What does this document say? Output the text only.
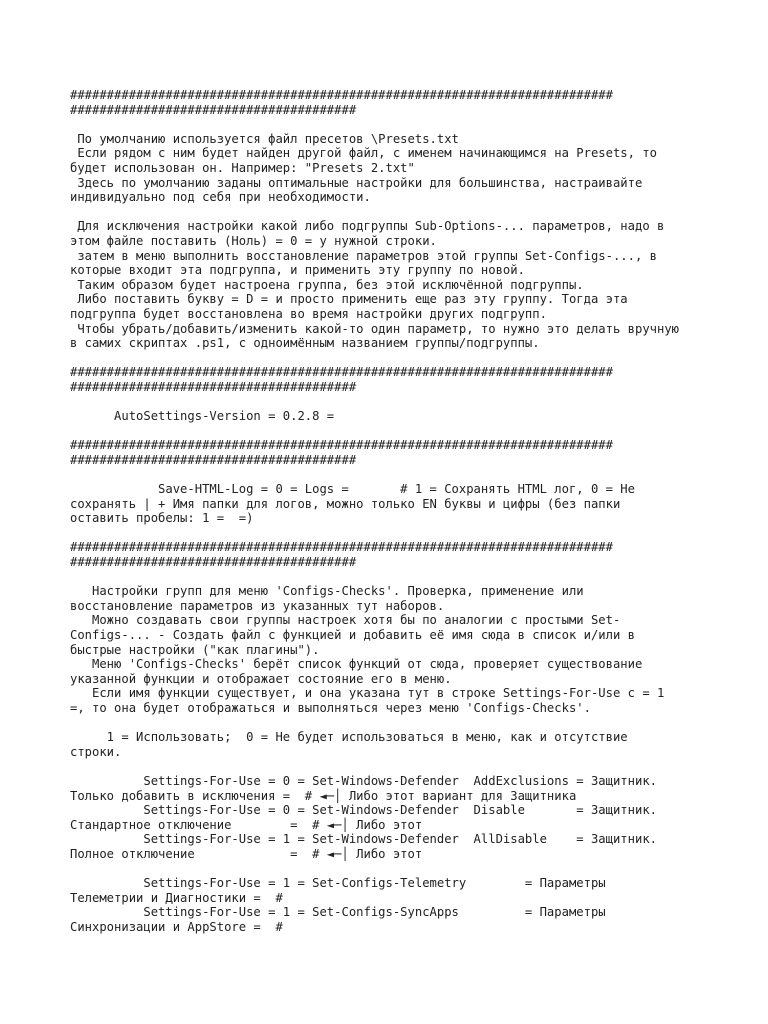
##########################################################################
#######################################
По умолчанию используется файл пресетов \Presets.txt
Если рядом с ним будет найден другой файл, с именем начинающимся на Presets, то
будет использован он. Например: "Presets 2.txt"
Здесь по умолчанию заданы оптимальные настройки для большинства, настраивайте
индивидуально под себя при необходимости.
Для исключения настройки какой либо подгруппы Sub-Options-... параметров, надо в
этом файле поставить (Ноль) = 0 = у нужной строки.
затем в меню выполнить восстановление параметров этой группы Set-Configs-..., в
которые входит эта подгруппа, и применить эту группу по новой.
Таким образом будет настроена группа, без этой исключённой подгруппы.
Либо поставить букву = D = и просто применить еще раз эту группу. Тогда эта
подгруппа будет восстановлена во время настройки других подгрупп.
Чтобы убрать/добавить/изменить какой-то один параметр, то нужно это делать вручную
в самих скриптах .ps1, с одноимённым названием группы/подгруппы.
##########################################################################
#######################################
AutoSettings-Version = 0.2.8 =
##########################################################################
#######################################
Save-HTML-Log = 0 = Logs =       # 1 = Сохранять HTML лог, 0 = Не
сохранять | + Имя папки для логов, можно только EN буквы и цифры (без папки
оставить пробелы: 1 =  =)
##########################################################################
#######################################
Настройки групп для меню 'Configs-Checks'. Проверка, применение или
восстановление параметров из указанных тут наборов.
Можно создавать свои группы настроек хотя бы по аналогии с простыми Set-
Configs-... - Создать файл с функцией и добавить её имя сюда в список и/или в
быстрые настройки ("как плагины").
Меню 'Configs-Checks' берёт список функций от сюда, проверяет существование
указанной функции и отображает состояние его в меню.
Если имя функции существует, и она указана тут в строке Settings-For-Use с = 1
=, то она будет отображаться и выполняться через меню 'Configs-Checks'.
1 = Использовать;  0 = Не будет использоваться в меню, как и отсутствие
строки.
Settings-For-Use = 0 = Set-Windows-Defender  AddExclusions = Защитник.
Только добавить в исключения =  # ◄─│ Либо этот вариант для Защитника
Settings-For-Use = 0 = Set-Windows-Defender  Disable       = Защитник.
Стандартное отключение        =  # ◄─│ Либо этот
Settings-For-Use = 1 = Set-Windows-Defender  AllDisable    = Защитник.
Полное отключение             =  # ◄─│ Либо этот
Settings-For-Use = 1 = Set-Configs-Telemetry        = Параметры
Телеметрии и Диагностики =  #
Settings-For-Use = 1 = Set-Configs-SyncApps         = Параметры
Синхронизации и AppStore =  #
